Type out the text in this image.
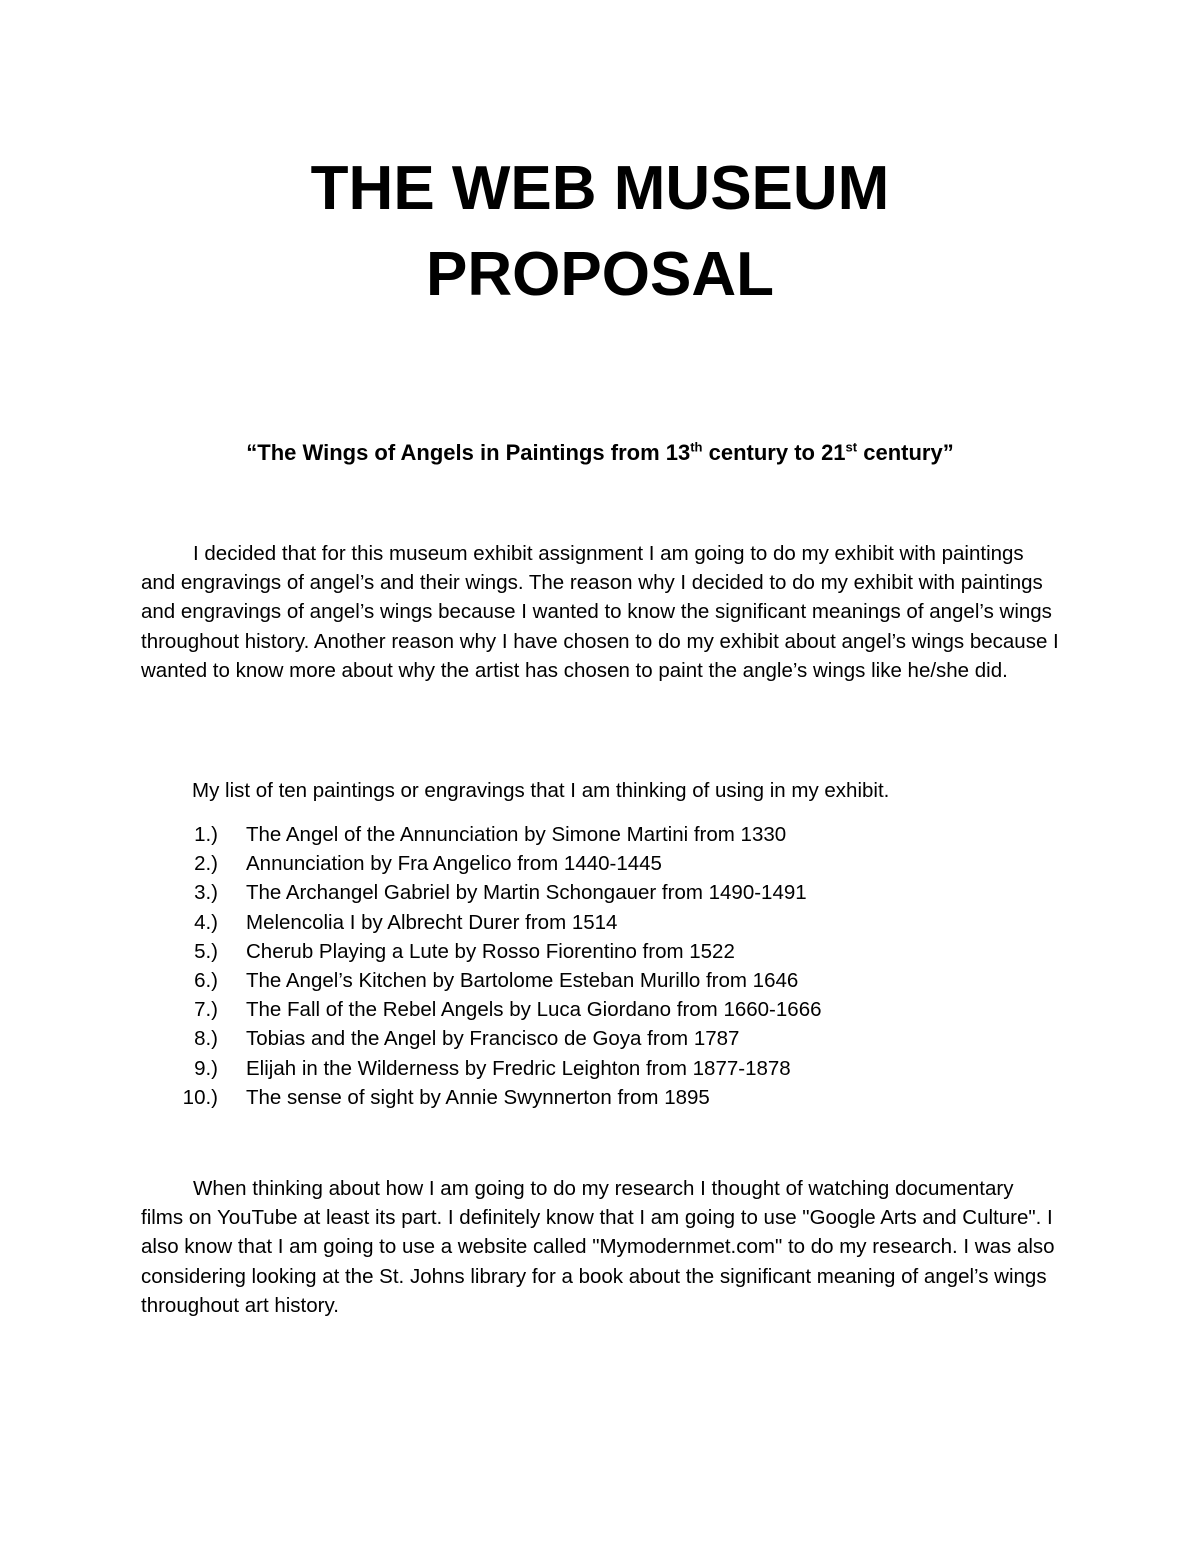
THE WEB MUSEUM
PROPOSAL
“The Wings of Angels in Paintings from 13th century to 21st century”

I decided that for this museum exhibit assignment I am going to do my exhibit with paintings and engravings of angel’s and their wings. The reason why I decided to do my exhibit with paintings and engravings of angel’s wings because I wanted to know the significant meanings of angel’s wings throughout history. Another reason why I have chosen to do my exhibit about angel’s wings because I wanted to know more about why the artist has chosen to paint the angle’s wings like he/she did.

My list of ten paintings or engravings that I am thinking of using in my exhibit.

1.) The Angel of the Annunciation by Simone Martini from 1330
2.) Annunciation by Fra Angelico from 1440-1445
3.) The Archangel Gabriel by Martin Schongauer from 1490-1491
4.) Melencolia I by Albrecht Durer from 1514
5.) Cherub Playing a Lute by Rosso Fiorentino from 1522
6.) The Angel’s Kitchen by Bartolome Esteban Murillo from 1646
7.) The Fall of the Rebel Angels by Luca Giordano from 1660-1666
8.) Tobias and the Angel by Francisco de Goya from 1787
9.) Elijah in the Wilderness by Fredric Leighton from 1877-1878
10.) The sense of sight by Annie Swynnerton from 1895

When thinking about how I am going to do my research I thought of watching documentary films on YouTube at least its part. I definitely know that I am going to use "Google Arts and Culture". I also know that I am going to use a website called "Mymodernmet.com" to do my research. I was also considering looking at the St. Johns library for a book about the significant meaning of angel’s wings throughout art history.
